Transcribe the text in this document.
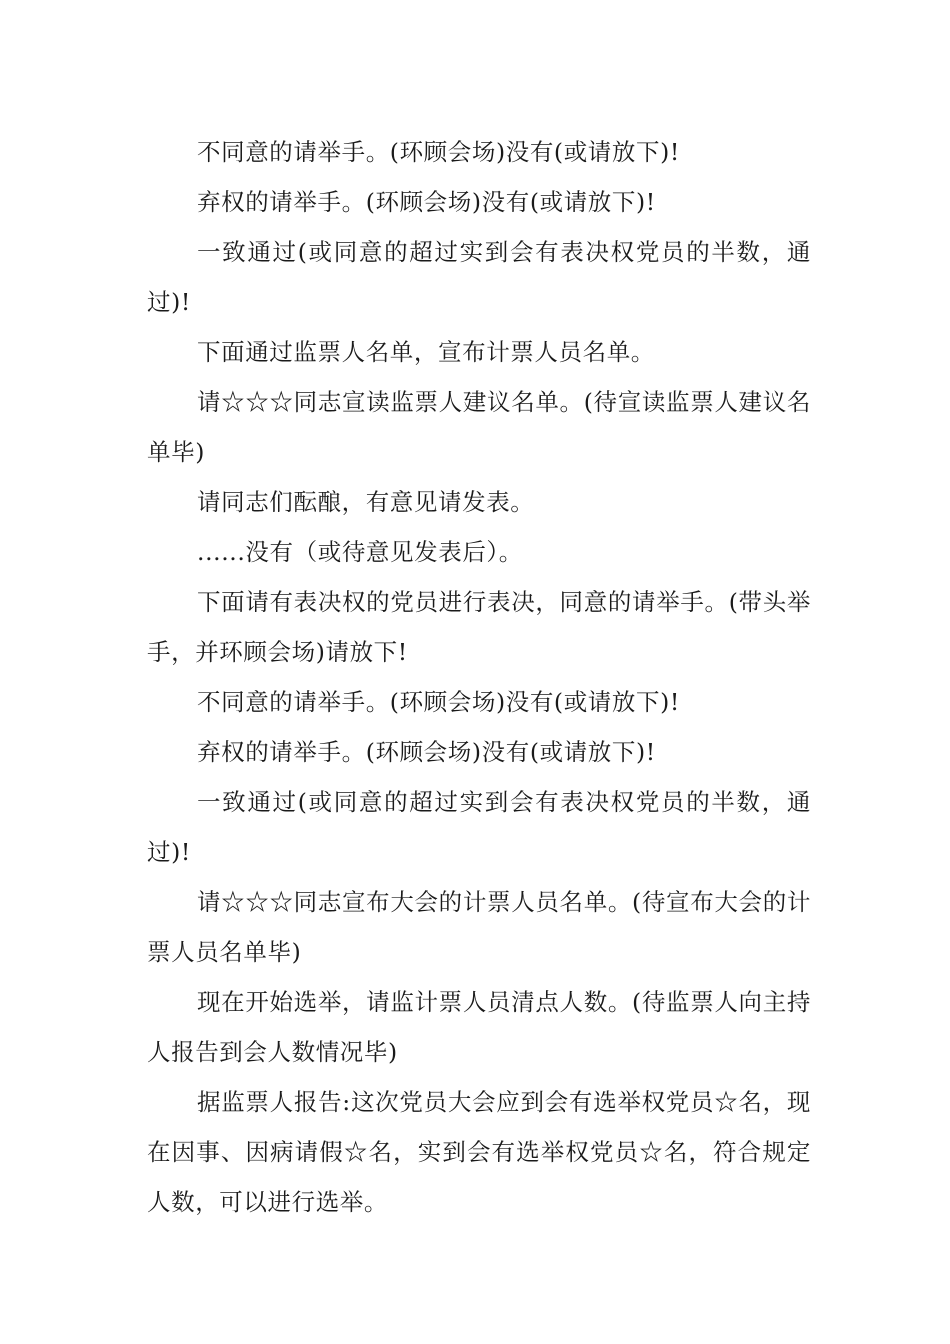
不同意的请举手。(环顾会场)没有(或请放下)!

弃权的请举手。(环顾会场)没有(或请放下)!

一致通过(或同意的超过实到会有表决权党员的半数，通过)!

下面通过监票人名单，宣布计票人员名单。

请☆☆☆同志宣读监票人建议名单。(待宣读监票人建议名单毕)

请同志们酝酿，有意见请发表。

......没有（或待意见发表后）。

下面请有表决权的党员进行表决，同意的请举手。(带头举手，并环顾会场)请放下!

不同意的请举手。(环顾会场)没有(或请放下)!

弃权的请举手。(环顾会场)没有(或请放下)!

一致通过(或同意的超过实到会有表决权党员的半数，通过)!

请☆☆☆同志宣布大会的计票人员名单。(待宣布大会的计票人员名单毕)

现在开始选举，请监计票人员清点人数。(待监票人向主持人报告到会人数情况毕)

据监票人报告:这次党员大会应到会有选举权党员☆名，现在因事、因病请假☆名，实到会有选举权党员☆名，符合规定人数，可以进行选举。
